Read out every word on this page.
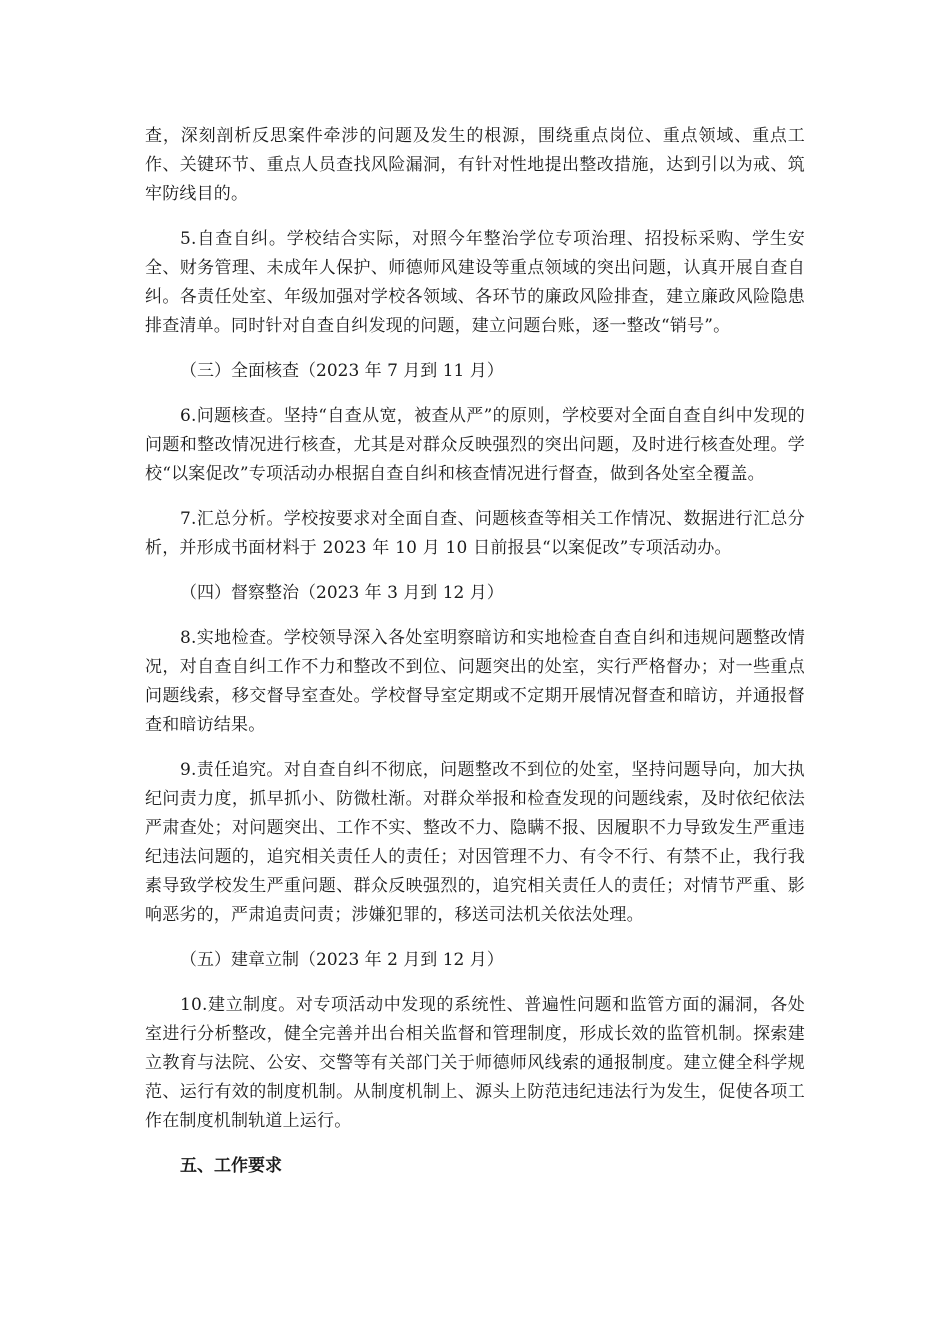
查，深刻剖析反思案件牵涉的问题及发生的根源，围绕重点岗位、重点领域、重点工作、关键环节、重点人员查找风险漏洞，有针对性地提出整改措施，达到引以为戒、筑牢防线目的。

5.自查自纠。学校结合实际，对照今年整治学位专项治理、招投标采购、学生安全、财务管理、未成年人保护、师德师风建设等重点领域的突出问题，认真开展自查自纠。各责任处室、年级加强对学校各领域、各环节的廉政风险排查，建立廉政风险隐患排查清单。同时针对自查自纠发现的问题，建立问题台账，逐一整改“销号”。

（三）全面核查（2023 年 7 月到 11 月）

6.问题核查。坚持“自查从宽，被查从严”的原则，学校要对全面自查自纠中发现的问题和整改情况进行核查，尤其是对群众反映强烈的突出问题，及时进行核查处理。学校“以案促改”专项活动办根据自查自纠和核查情况进行督查，做到各处室全覆盖。

7.汇总分析。学校按要求对全面自查、问题核查等相关工作情况、数据进行汇总分析，并形成书面材料于 2023 年 10 月 10 日前报县“以案促改”专项活动办。

（四）督察整治（2023 年 3 月到 12 月）

8.实地检查。学校领导深入各处室明察暗访和实地检查自查自纠和违规问题整改情况，对自查自纠工作不力和整改不到位、问题突出的处室，实行严格督办；对一些重点问题线索，移交督导室查处。学校督导室定期或不定期开展情况督查和暗访，并通报督查和暗访结果。

9.责任追究。对自查自纠不彻底，问题整改不到位的处室，坚持问题导向，加大执纪问责力度，抓早抓小、防微杜渐。对群众举报和检查发现的问题线索，及时依纪依法严肃查处；对问题突出、工作不实、整改不力、隐瞒不报、因履职不力导致发生严重违纪违法问题的，追究相关责任人的责任；对因管理不力、有令不行、有禁不止，我行我素导致学校发生严重问题、群众反映强烈的，追究相关责任人的责任；对情节严重、影响恶劣的，严肃追责问责；涉嫌犯罪的，移送司法机关依法处理。

（五）建章立制（2023 年 2 月到 12 月）

10.建立制度。对专项活动中发现的系统性、普遍性问题和监管方面的漏洞，各处室进行分析整改，健全完善并出台相关监督和管理制度，形成长效的监管机制。探索建立教育与法院、公安、交警等有关部门关于师德师风线索的通报制度。建立健全科学规范、运行有效的制度机制。从制度机制上、源头上防范违纪违法行为发生，促使各项工作在制度机制轨道上运行。

五、工作要求
